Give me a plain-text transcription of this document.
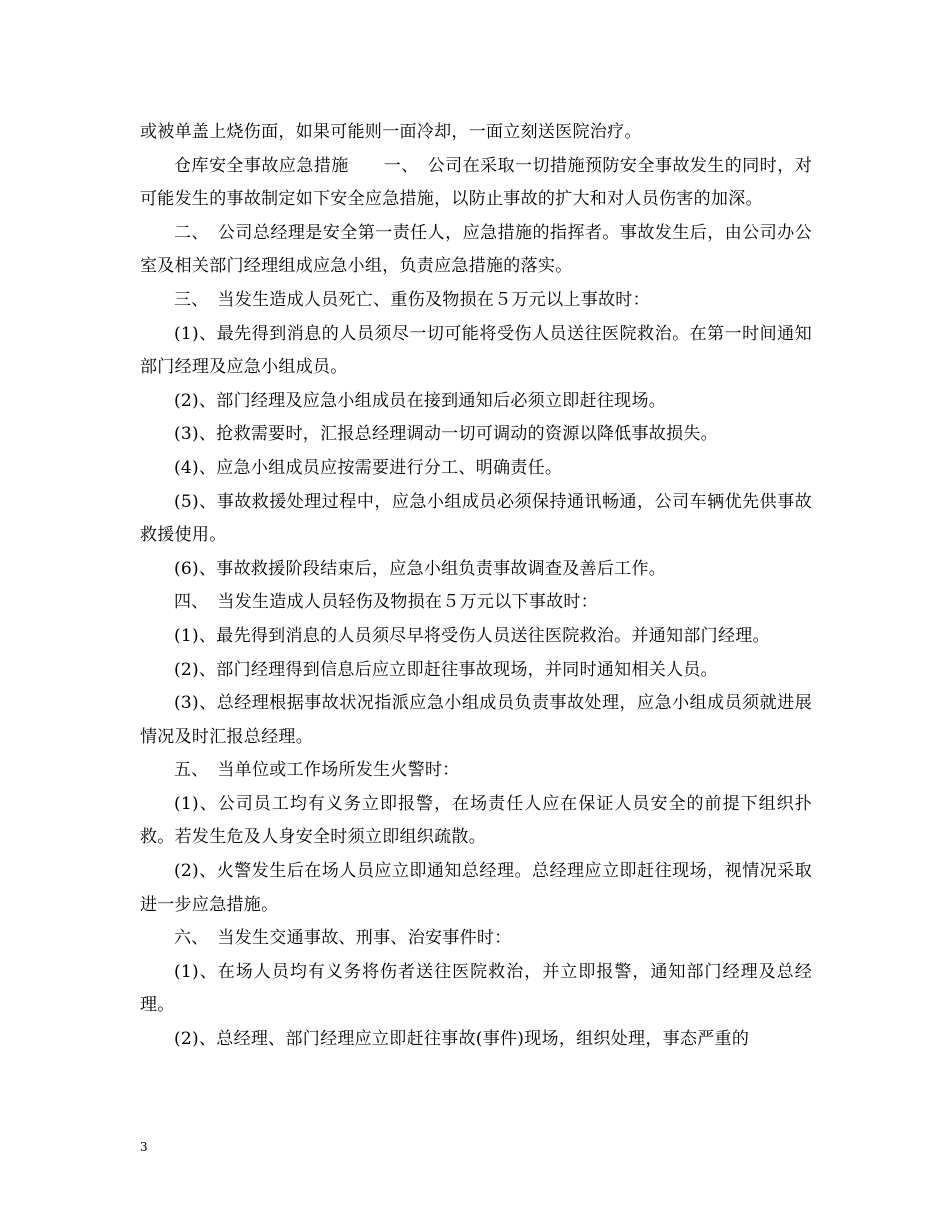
或被单盖上烧伤面，如果可能则一面冷却，一面立刻送医院治疗。

仓库安全事故应急措施　　一、　公司在采取一切措施预防安全事故发生的同时，对可能发生的事故制定如下安全应急措施，以防止事故的扩大和对人员伤害的加深。

二、　公司总经理是安全第一责任人，应急措施的指挥者。事故发生后，由公司办公室及相关部门经理组成应急小组，负责应急措施的落实。

三、　当发生造成人员死亡、重伤及物损在５万元以上事故时：

(1)、最先得到消息的人员须尽一切可能将受伤人员送往医院救治。在第一时间通知部门经理及应急小组成员。

(2)、部门经理及应急小组成员在接到通知后必须立即赶往现场。

(3)、抢救需要时，汇报总经理调动一切可调动的资源以降低事故损失。

(4)、应急小组成员应按需要进行分工、明确责任。

(5)、事故救援处理过程中，应急小组成员必须保持通讯畅通，公司车辆优先供事故救援使用。

(6)、事故救援阶段结束后，应急小组负责事故调查及善后工作。

四、　当发生造成人员轻伤及物损在５万元以下事故时：

(1)、最先得到消息的人员须尽早将受伤人员送往医院救治。并通知部门经理。

(2)、部门经理得到信息后应立即赶往事故现场，并同时通知相关人员。

(3)、总经理根据事故状况指派应急小组成员负责事故处理，应急小组成员须就进展情况及时汇报总经理。

五、　当单位或工作场所发生火警时：

(1)、公司员工均有义务立即报警，在场责任人应在保证人员安全的前提下组织扑救。若发生危及人身安全时须立即组织疏散。

(2)、火警发生后在场人员应立即通知总经理。总经理应立即赶往现场，视情况采取进一步应急措施。

六、　当发生交通事故、刑事、治安事件时：

(1)、在场人员均有义务将伤者送往医院救治，并立即报警，通知部门经理及总经理。

(2)、总经理、部门经理应立即赶往事故(事件)现场，组织处理，事态严重的

3
